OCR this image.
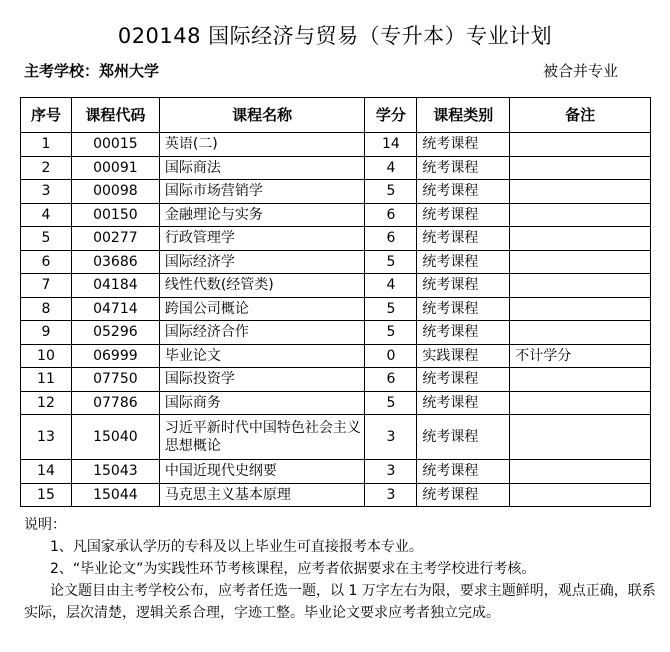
020148 国际经济与贸易（专升本）专业计划
主考学校：郑州大学	被合并专业
序号	课程代码	课程名称	学分	课程类别	备注
1	00015	英语(二)	14	统考课程	
2	00091	国际商法	4	统考课程	
3	00098	国际市场营销学	5	统考课程	
4	00150	金融理论与实务	6	统考课程	
5	00277	行政管理学	6	统考课程	
6	03686	国际经济学	5	统考课程	
7	04184	线性代数(经管类)	4	统考课程	
8	04714	跨国公司概论	5	统考课程	
9	05296	国际经济合作	5	统考课程	
10	06999	毕业论文	0	实践课程	不计学分
11	07750	国际投资学	6	统考课程	
12	07786	国际商务	5	统考课程	
13	15040	习近平新时代中国特色社会主义思想概论	3	统考课程	
14	15043	中国近现代史纲要	3	统考课程	
15	15044	马克思主义基本原理	3	统考课程	

说明：

1、凡国家承认学历的专科及以上毕业生可直接报考本专业。

2、“毕业论文”为实践性环节考核课程，应考者依据要求在主考学校进行考核。

论文题目由主考学校公布，应考者任选一题，以 1 万字左右为限，要求主题鲜明，观点正确，联系实际，层次清楚，逻辑关系合理，字迹工整。毕业论文要求应考者独立完成。
